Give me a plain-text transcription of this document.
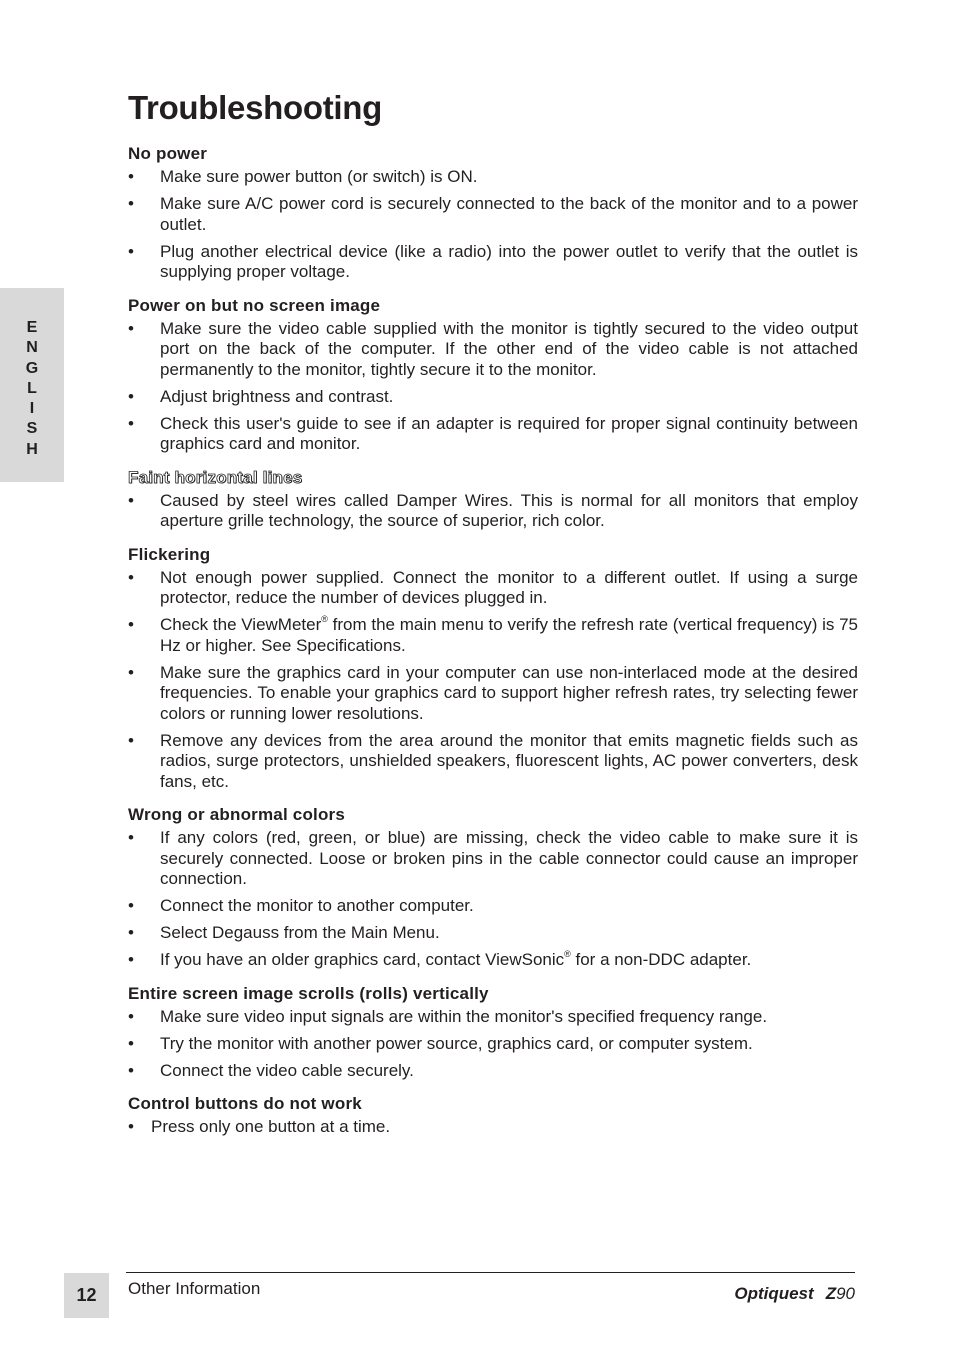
E
N
G
L
I
S
H
Troubleshooting
No power
• Make sure power button (or switch) is ON.
• Make sure A/C power cord is securely connected to the back of the monitor and to a power outlet.
• Plug another electrical device (like a radio) into the power outlet to verify that the outlet is supplying proper voltage.
Power on but no screen image
• Make sure the video cable supplied with the monitor is tightly secured to the video output port on the back of the computer. If the other end of the video cable is not attached permanently to the monitor, tightly secure it to the monitor.
• Adjust brightness and contrast.
• Check this user's guide to see if an adapter is required for proper signal continuity between graphics card and monitor.
Faint horizontal lines
• Caused by steel wires called Damper Wires. This is normal for all monitors that employ aperture grille technology, the source of superior, rich color.
Flickering
• Not enough power supplied. Connect the monitor to a different outlet. If using a surge protector, reduce the number of devices plugged in.
• Check the ViewMeter® from the main menu to verify the refresh rate (vertical frequency) is 75 Hz or higher. See Specifications.
• Make sure the graphics card in your computer can use non-interlaced mode at the desired frequencies. To enable your graphics card to support higher refresh rates, try selecting fewer colors or running lower resolutions.
• Remove any devices from the area around the monitor that emits magnetic fields such as radios, surge protectors, unshielded speakers, fluorescent lights, AC power converters, desk fans, etc.
Wrong or abnormal colors
• If any colors (red, green, or blue) are missing, check the video cable to make sure it is securely connected. Loose or broken pins in the cable connector could cause an improper connection.
• Connect the monitor to another computer.
• Select Degauss from the Main Menu.
• If you have an older graphics card, contact ViewSonic® for a non-DDC adapter.
Entire screen image scrolls (rolls) vertically
• Make sure video input signals are within the monitor's specified frequency range.
• Try the monitor with another power source, graphics card, or computer system.
• Connect the video cable securely.
Control buttons do not work
• Press only one button at a time.
12	Other Information	Optiquest Z90
